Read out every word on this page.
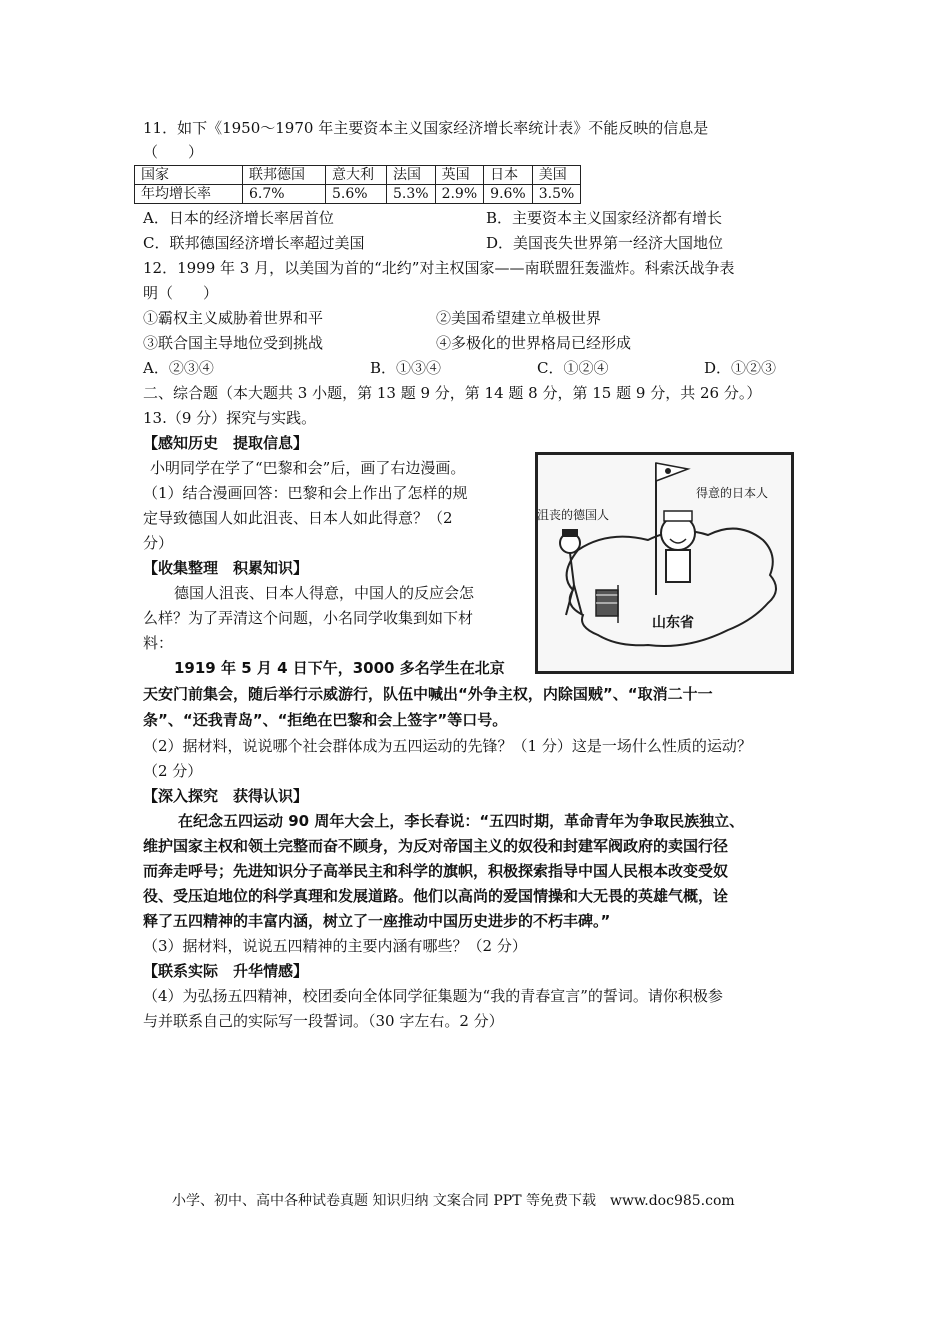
11．如下《1950～1970 年主要资本主义国家经济增长率统计表》不能反映的信息是
（　　）
国家	联邦德国	意大利	法国	英国	日本	美国
年均增长率	6.7%	5.6%	5.3%	2.9%	9.6%	3.5%
A．日本的经济增长率居首位	B．主要资本主义国家经济都有增长
C．联邦德国经济增长率超过美国	D．美国丧失世界第一经济大国地位
12．1999 年 3 月，以美国为首的“北约”对主权国家——南联盟狂轰滥炸。科索沃战争表
明（　　）
①霸权主义威胁着世界和平	②美国希望建立单极世界
③联合国主导地位受到挑战	④多极化的世界格局已经形成
A．②③④	B．①③④	C．①②④	D．①②③
二、综合题（本大题共 3 小题，第 13 题 9 分，第 14 题 8 分，第 15 题 9 分，共 26 分。）
13.（9 分）探究与实践。
【感知历史　提取信息】
小明同学在学了“巴黎和会”后，画了右边漫画。
（1）结合漫画回答：巴黎和会上作出了怎样的规
定导致德国人如此沮丧、日本人如此得意？（2
分）
【收集整理　积累知识】
德国人沮丧、日本人得意，中国人的反应会怎
么样？为了弄清这个问题，小名同学收集到如下材
料：
1919 年 5 月 4 日下午，3000 多名学生在北京
天安门前集会，随后举行示威游行，队伍中喊出“外争主权，内除国贼”、“取消二十一
条”、“还我青岛”、“拒绝在巴黎和会上签字”等口号。
（2）据材料，说说哪个社会群体成为五四运动的先锋？（1 分）这是一场什么性质的运动？
（2 分）
【深入探究　获得认识】
在纪念五四运动 90 周年大会上，李长春说：“五四时期，革命青年为争取民族独立、
维护国家主权和领土完整而奋不顾身，为反对帝国主义的奴役和封建军阀政府的卖国行径
而奔走呼号；先进知识分子高举民主和科学的旗帜，积极探索指导中国人民根本改变受奴
役、受压迫地位的科学真理和发展道路。他们以高尚的爱国情操和大无畏的英雄气概，诠
释了五四精神的丰富内涵，树立了一座推动中国历史进步的不朽丰碑。”
（3）据材料，说说五四精神的主要内涵有哪些？（2 分）
【联系实际　升华情感】
（4）为弘扬五四精神，校团委向全体同学征集题为“我的青春宣言”的誓词。请你积极参
与并联系自己的实际写一段誓词。（30 字左右。2 分）
沮丧的德国人
得意的日本人
山东省
小学、初中、高中各种试卷真题 知识归纳 文案合同 PPT 等免费下载　www.doc985.com
